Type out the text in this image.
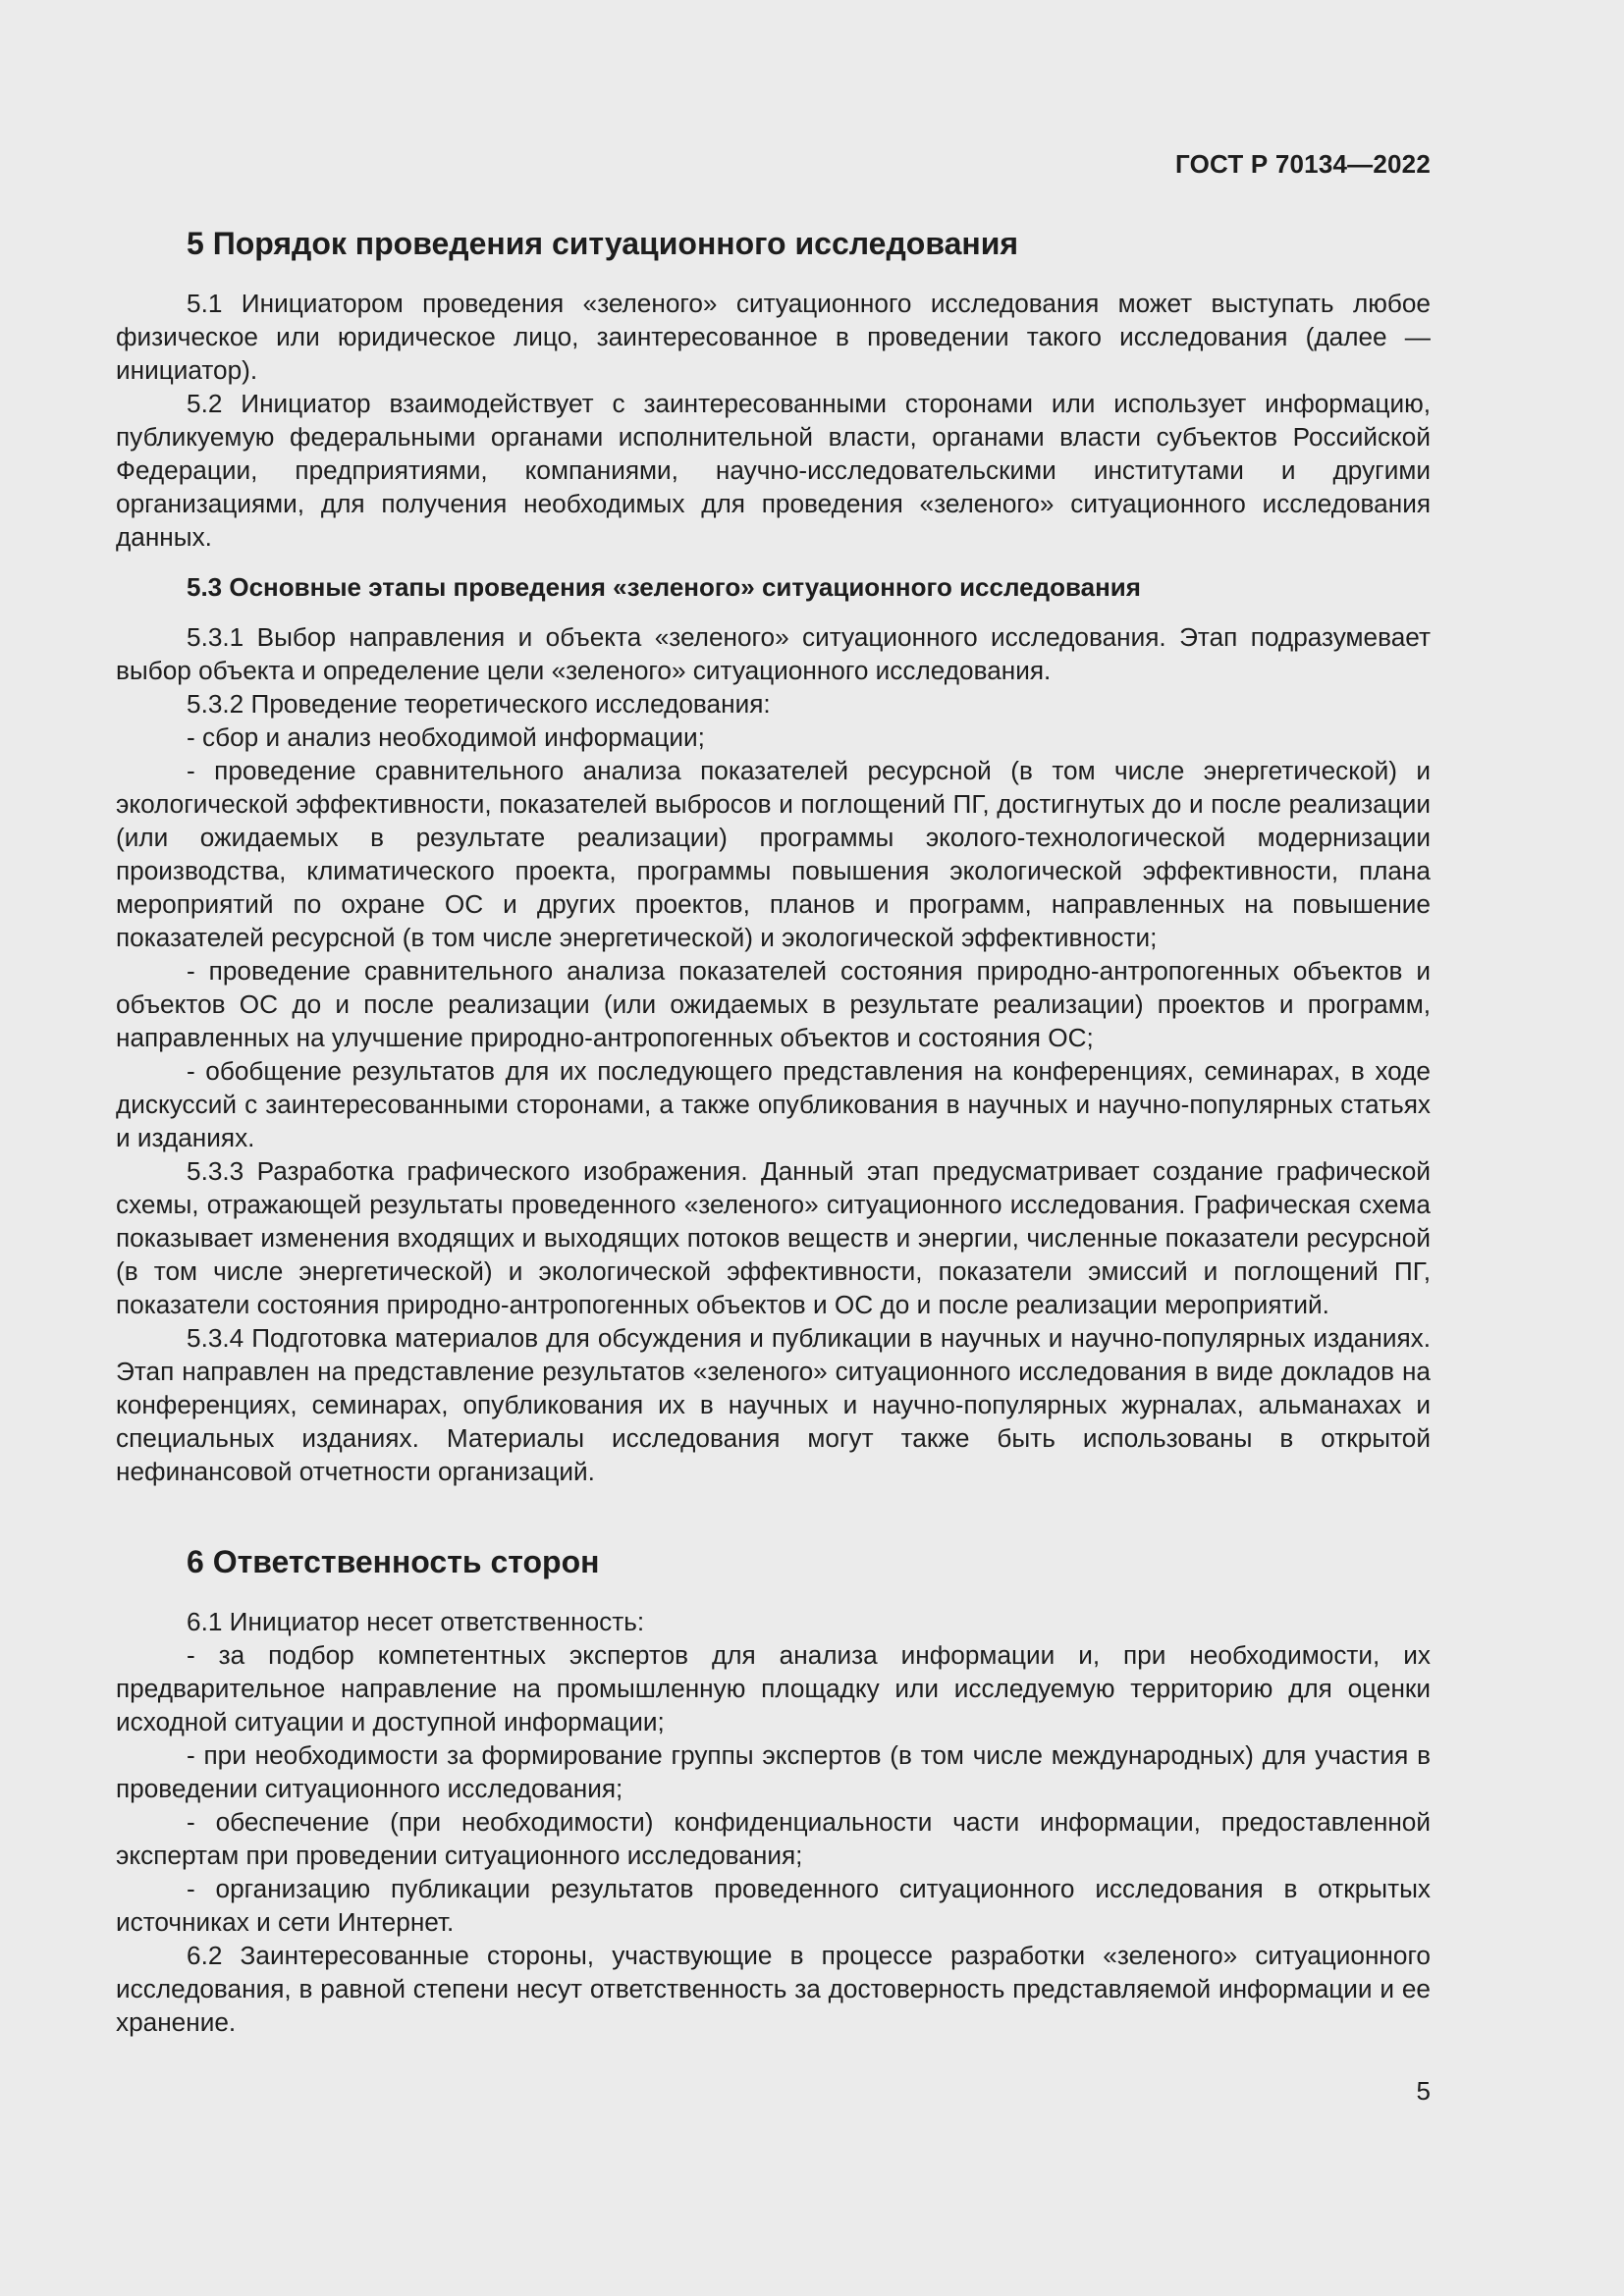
ГОСТ Р 70134—2022
5 Порядок проведения ситуационного исследования

5.1 Инициатором проведения «зеленого» ситуационного исследования может выступать любое физическое или юридическое лицо, заинтересованное в проведении такого исследования (далее — инициатор).

5.2 Инициатор взаимодействует с заинтересованными сторонами или использует информацию, публикуемую федеральными органами исполнительной власти, органами власти субъектов Российской Федерации, предприятиями, компаниями, научно-исследовательскими институтами и другими организациями, для получения необходимых для проведения «зеленого» ситуационного исследования данных.

5.3 Основные этапы проведения «зеленого» ситуационного исследования

5.3.1 Выбор направления и объекта «зеленого» ситуационного исследования. Этап подразумевает выбор объекта и определение цели «зеленого» ситуационного исследования.

5.3.2 Проведение теоретического исследования:

- сбор и анализ необходимой информации;

- проведение сравнительного анализа показателей ресурсной (в том числе энергетической) и экологической эффективности, показателей выбросов и поглощений ПГ, достигнутых до и после реализации (или ожидаемых в результате реализации) программы эколого-технологической модернизации производства, климатического проекта, программы повышения экологической эффективности, плана мероприятий по охране ОС и других проектов, планов и программ, направленных на повышение показателей ресурсной (в том числе энергетической) и экологической эффективности;

- проведение сравнительного анализа показателей состояния природно-антропогенных объектов и объектов ОС до и после реализации (или ожидаемых в результате реализации) проектов и программ, направленных на улучшение природно-антропогенных объектов и состояния ОС;

- обобщение результатов для их последующего представления на конференциях, семинарах, в ходе дискуссий с заинтересованными сторонами, а также опубликования в научных и научно-популярных статьях и изданиях.

5.3.3 Разработка графического изображения. Данный этап предусматривает создание графической схемы, отражающей результаты проведенного «зеленого» ситуационного исследования. Графическая схема показывает изменения входящих и выходящих потоков веществ и энергии, численные показатели ресурсной (в том числе энергетической) и экологической эффективности, показатели эмиссий и поглощений ПГ, показатели состояния природно-антропогенных объектов и ОС до и после реализации мероприятий.

5.3.4 Подготовка материалов для обсуждения и публикации в научных и научно-популярных изданиях. Этап направлен на представление результатов «зеленого» ситуационного исследования в виде докладов на конференциях, семинарах, опубликования их в научных и научно-популярных журналах, альманахах и специальных изданиях. Материалы исследования могут также быть использованы в открытой нефинансовой отчетности организаций.

6 Ответственность сторон

6.1 Инициатор несет ответственность:

- за подбор компетентных экспертов для анализа информации и, при необходимости, их предварительное направление на промышленную площадку или исследуемую территорию для оценки исходной ситуации и доступной информации;

- при необходимости за формирование группы экспертов (в том числе международных) для участия в проведении ситуационного исследования;

- обеспечение (при необходимости) конфиденциальности части информации, предоставленной экспертам при проведении ситуационного исследования;

- организацию публикации результатов проведенного ситуационного исследования в открытых источниках и сети Интернет.

6.2 Заинтересованные стороны, участвующие в процессе разработки «зеленого» ситуационного исследования, в равной степени несут ответственность за достоверность представляемой информации и ее хранение.

5
